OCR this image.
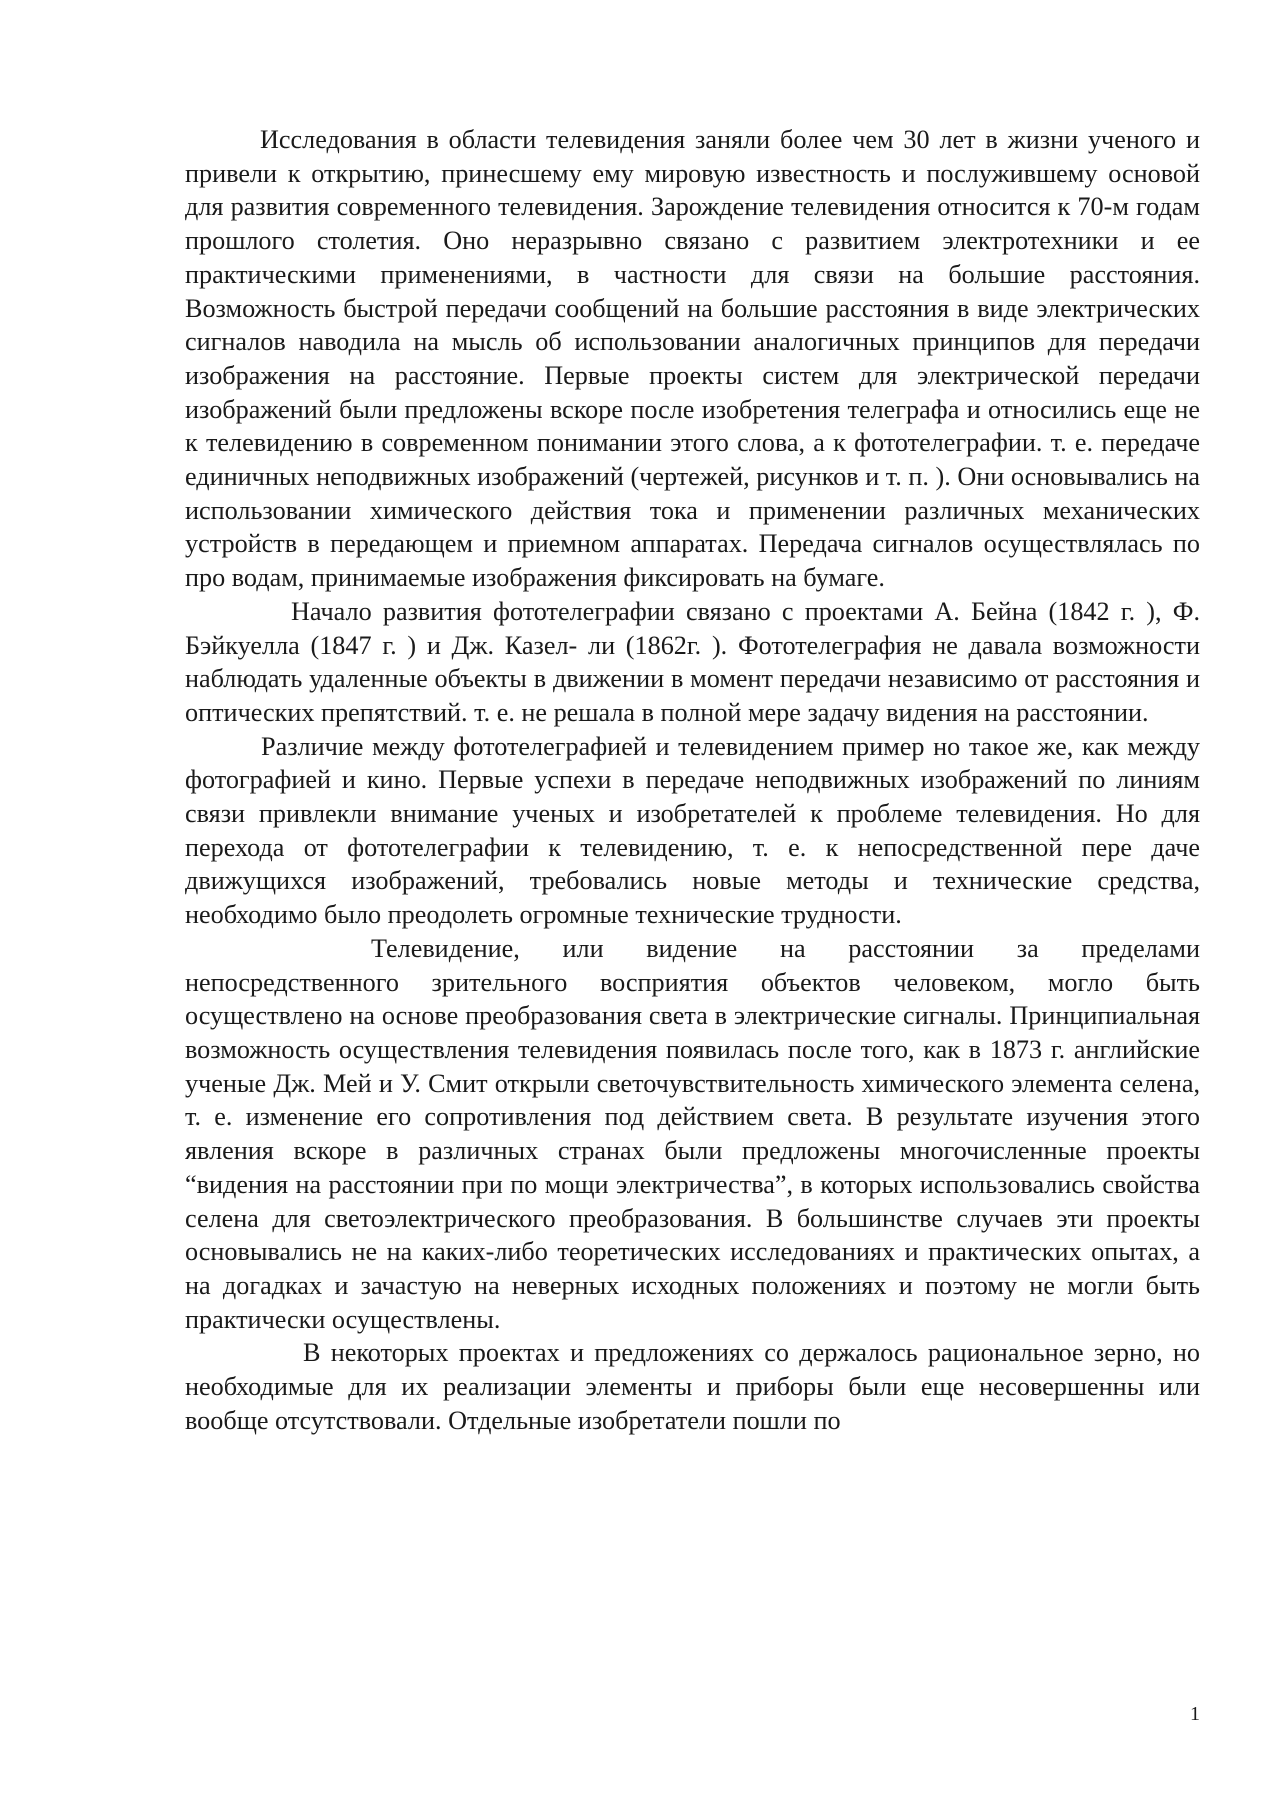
Исследования в области телевидения заняли более чем 30 лет в жизни ученого и привели к открытию, принесшему ему мировую известность и послужившему основой для развития современного телевидения. Зарождение телевидения относится к 70-м годам прошлого столетия. Оно неразрывно связано с развитием электротехники и ее практическими применениями, в частности для связи на большие расстояния. Возможность быстрой передачи сообщений на большие расстояния в виде электрических сигналов наводила на мысль об использовании аналогичных принципов для передачи изображения на расстояние. Первые проекты систем для электрической передачи изображений были предложены вскоре после изобретения телеграфа и относились еще не к телевидению в современном понимании этого слова, а к фототелеграфии. т. е. передаче единичных неподвижных изображений (чертежей, рисунков и т. п. ). Они основывались на использовании химического действия тока и применении различных механических устройств в передающем и приемном аппаратах. Передача сигналов осуществлялась по про водам, принимаемые изображения фиксировать на бумаге.

Начало развития фототелеграфии связано с проектами А. Бейна (1842 г. ), Ф. Бэйкуелла (1847 г. ) и Дж. Казел- ли (1862г. ). Фототелеграфия не давала возможности наблюдать удаленные объекты в движении в момент передачи независимо от расстояния и оптических препятствий. т. е. не решала в полной мере задачу видения на расстоянии.

Различие между фототелеграфией и телевидением пример но такое же, как между фотографией и кино. Первые успехи в передаче неподвижных изображений по линиям связи привлекли внимание ученых и изобретателей к проблеме телевидения. Но для перехода от фототелеграфии к телевидению, т. е. к непосредственной пере даче движущихся изображений, требовались новые методы и технические средства, необходимо было преодолеть огромные технические трудности.

Телевидение, или видение на расстоянии за пределами непосредственного зрительного восприятия объектов человеком, могло быть осуществлено на основе преобразования света в электрические сигналы. Принципиальная возможность осуществления телевидения появилась после того, как в 1873 г. английские ученые Дж. Мей и У. Смит открыли светочувствительность химического элемента селена, т. е. изменение его сопротивления под действием света. В результате изучения этого явления вскоре в различных странах были предложены многочисленные проекты “видения на расстоянии при по мощи электричества”, в которых использовались свойства селена для светоэлектрического преобразования. В большинстве случаев эти проекты основывались не на каких-либо теоретических исследованиях и практических опытах, а на догадках и зачастую на неверных исходных положениях и поэтому не могли быть практически осуществлены.

В некоторых проектах и предложениях со держалось рациональное зерно, но необходимые для их реализации элементы и приборы были еще несовершенны или вообще отсутствовали. Отдельные изобретатели пошли по

1
